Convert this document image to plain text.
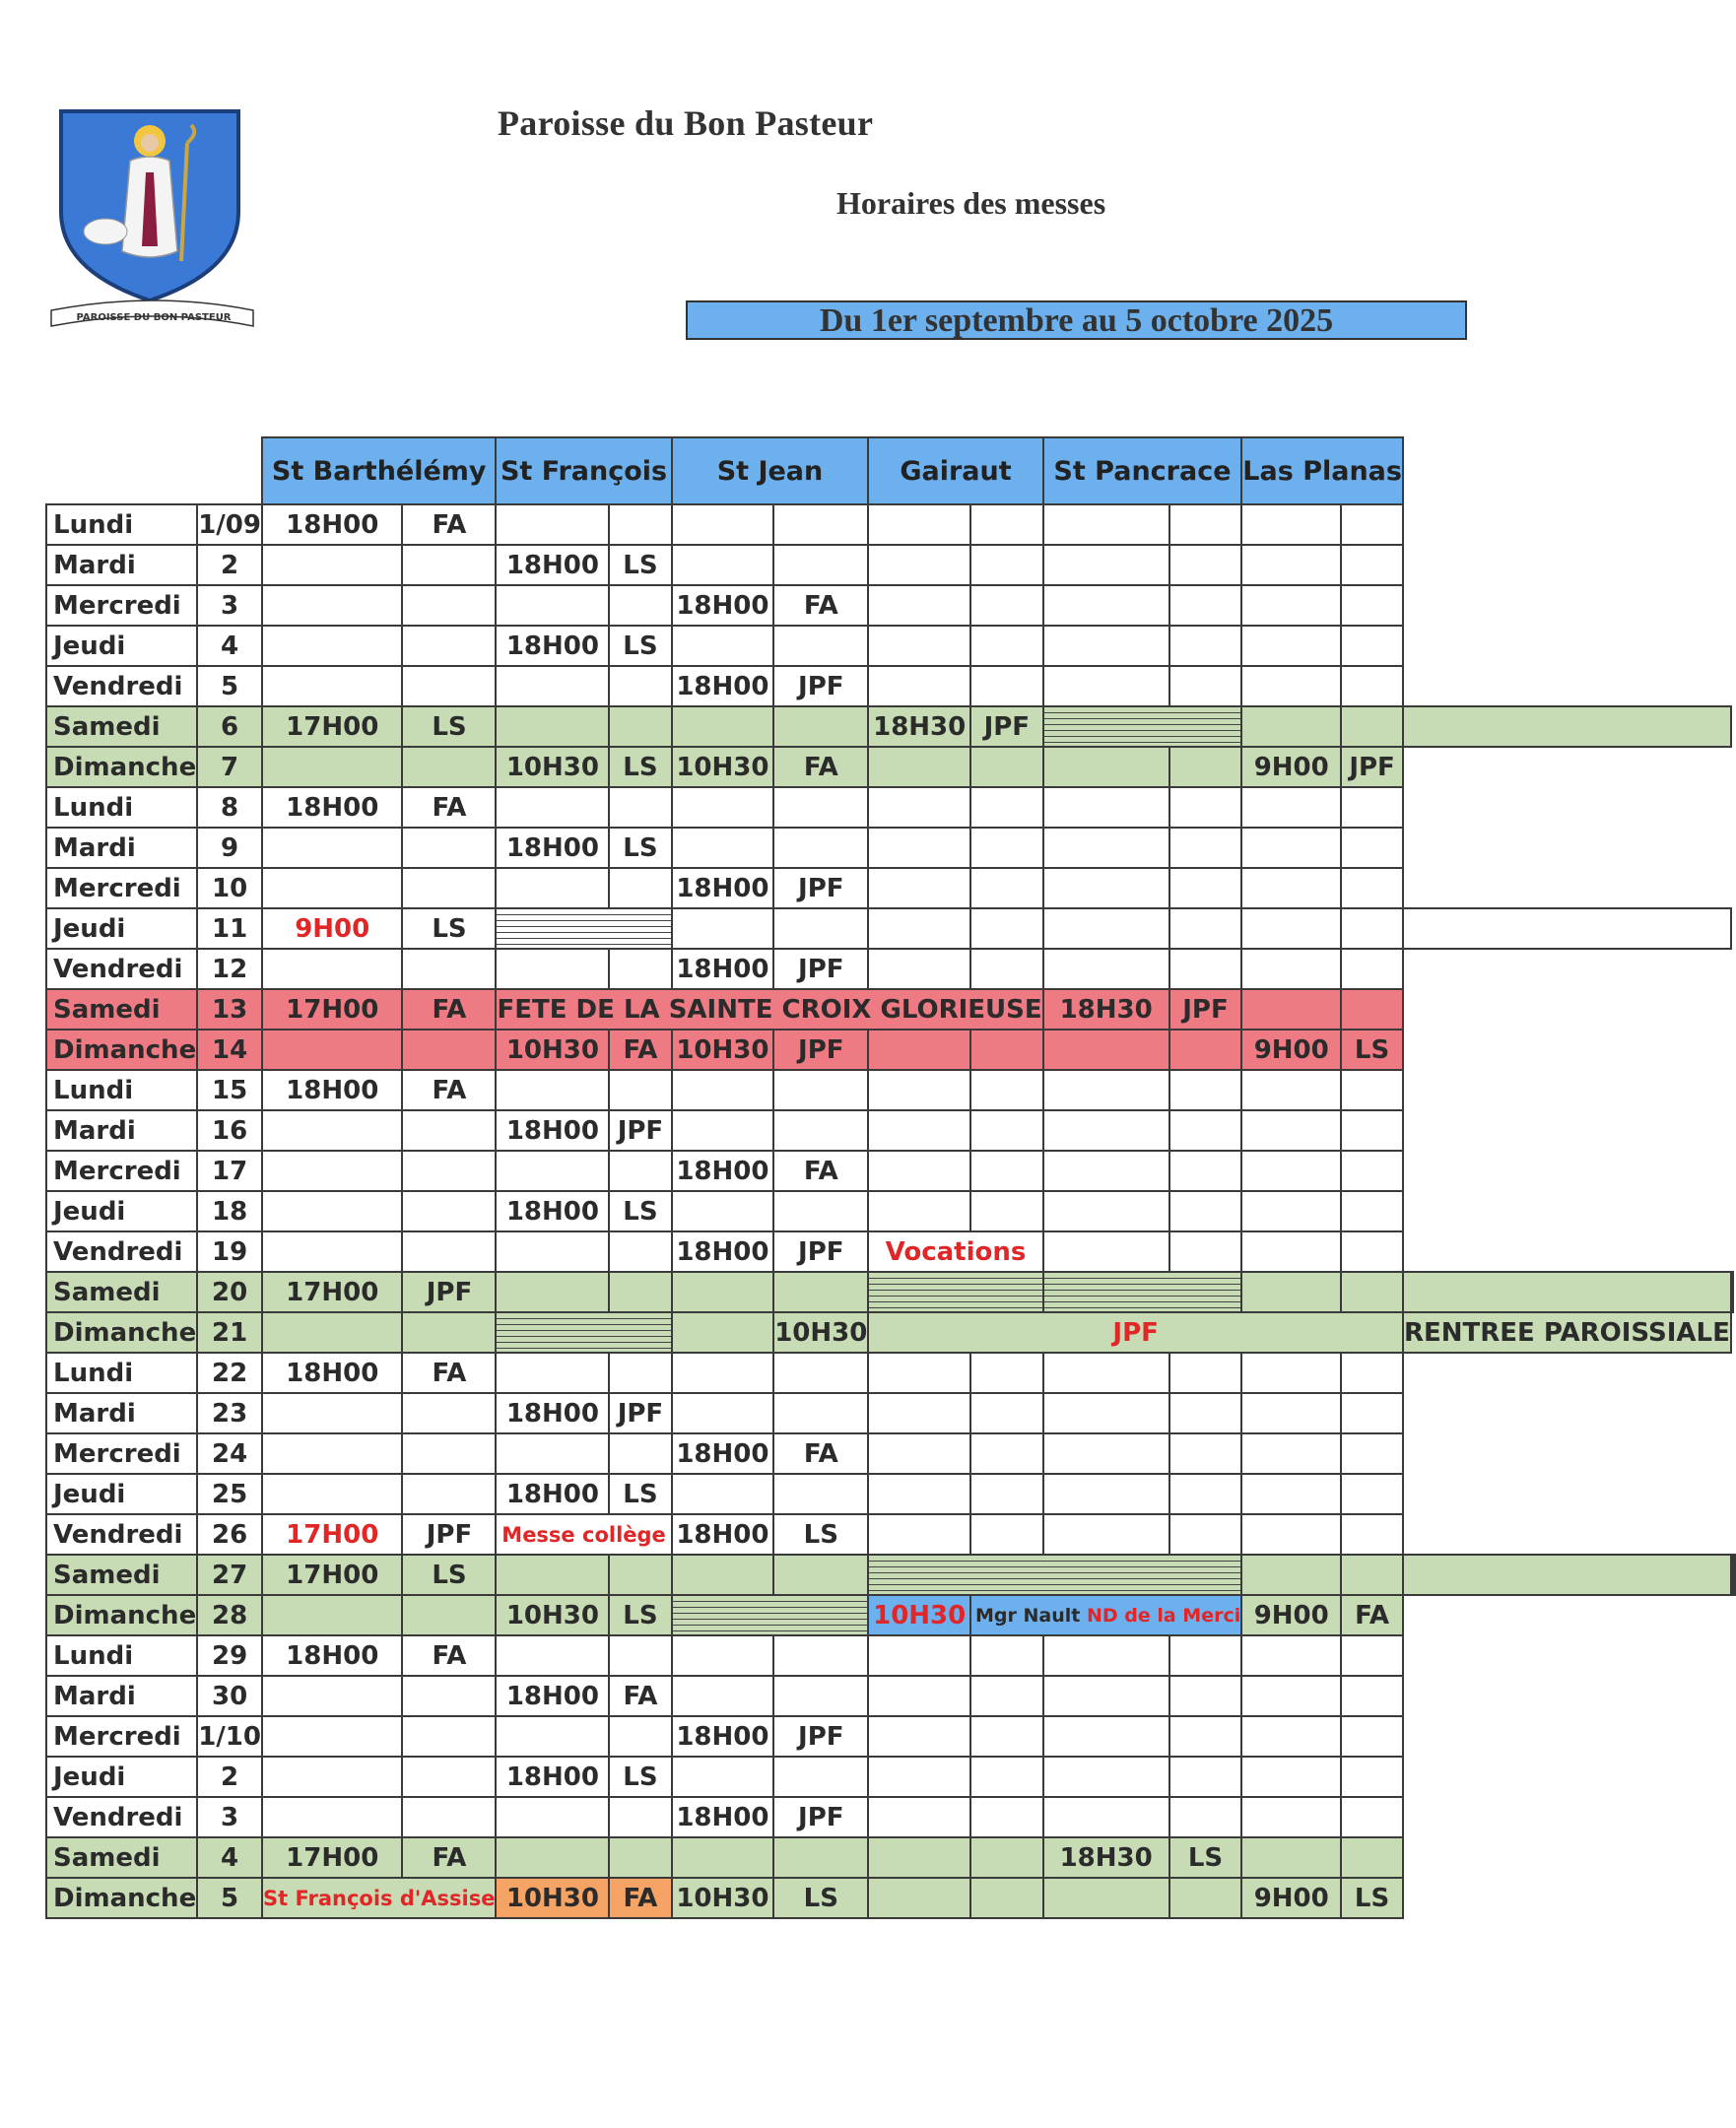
PAROISSE DU BON PASTEUR
Paroisse du Bon Pasteur
Horaires des messes
Du 1er septembre au 5 octobre 2025
		St Barthélémy		St François		St Jean		Gairaut		St Pancrace		Las Planas				
Lundi	1/09	18H00	FA													
Mardi	2			18H00	LS											
Mercredi	3					18H00	FA									
Jeudi	4			18H00	LS											
Vendredi	5					18H00	JPF									
Samedi	6	17H00	LS					18H30	JPF							
Dimanche	7			10H30	LS	10H30	FA					9H00	JPF			
Lundi	8	18H00	FA													
Mardi	9			18H00	LS											
Mercredi	10					18H00	JPF									
Jeudi	11	9H00	LS													
Vendredi	12					18H00	JPF									
Samedi	13	17H00	FA	FETE DE LA SAINTE CROIX GLORIEUSE						18H30	JPF					
Dimanche	14			10H30	FA	10H30	JPF					9H00	LS			
Lundi	15	18H00	FA													
Mardi	16			18H00	JPF											
Mercredi	17					18H00	FA									
Jeudi	18			18H00	LS											
Vendredi	19					18H00	JPF	Vocations								
Samedi	20	17H00	JPF													
Dimanche	21						10H30	JPF						RENTREE PAROISSIALE		
Lundi	22	18H00	FA													
Mardi	23			18H00	JPF											
Mercredi	24					18H00	FA									
Jeudi	25			18H00	LS											
Vendredi	26	17H00	JPF	Messe collège		18H00	LS									
Samedi	27	17H00	LS													
Dimanche	28			10H30	LS			10H30	Mgr Nault ND de la Merci			9H00	FA			
Lundi	29	18H00	FA													
Mardi	30			18H00	FA											
Mercredi	1/10					18H00	JPF									
Jeudi	2			18H00	LS											
Vendredi	3					18H00	JPF									
Samedi	4	17H00	FA							18H30	LS					
Dimanche	5	St François d'Assise		10H30	FA	10H30	LS					9H00	LS			
